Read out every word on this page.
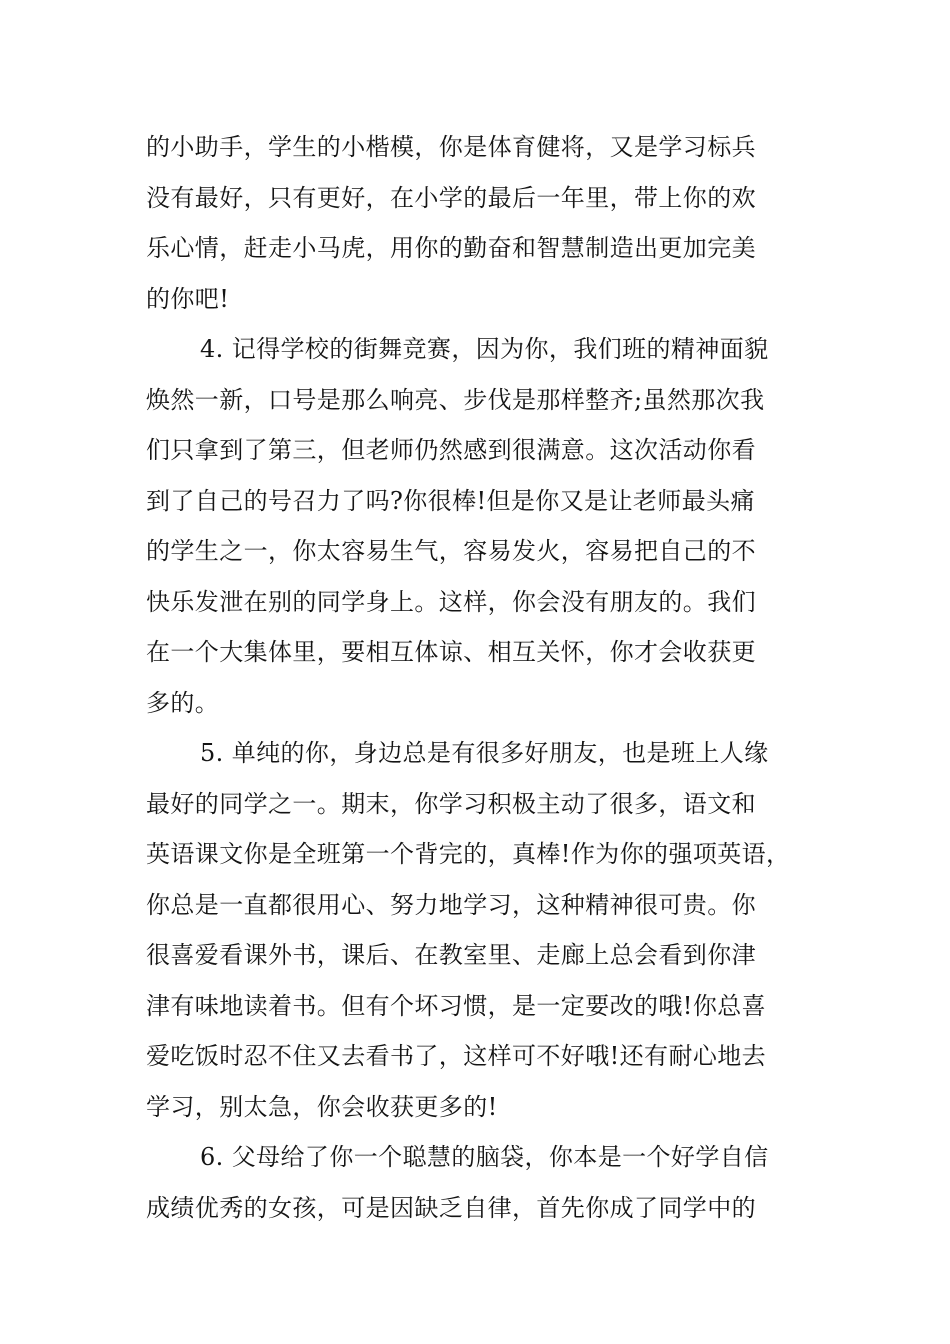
的小助手，学生的小楷模，你是体育健将，又是学习标兵
没有最好，只有更好，在小学的最后一年里，带上你的欢
乐心情，赶走小马虎，用你的勤奋和智慧制造出更加完美
的你吧!
4. 记得学校的街舞竞赛，因为你，我们班的精神面貌
焕然一新，口号是那么响亮、步伐是那样整齐;虽然那次我
们只拿到了第三，但老师仍然感到很满意。这次活动你看
到了自己的号召力了吗?你很棒!但是你又是让老师最头痛
的学生之一，你太容易生气，容易发火，容易把自己的不
快乐发泄在别的同学身上。这样，你会没有朋友的。我们
在一个大集体里，要相互体谅、相互关怀，你才会收获更
多的。
5. 单纯的你，身边总是有很多好朋友，也是班上人缘
最好的同学之一。期末，你学习积极主动了很多，语文和
英语课文你是全班第一个背完的，真棒!作为你的强项英语，
你总是一直都很用心、努力地学习，这种精神很可贵。你
很喜爱看课外书，课后、在教室里、走廊上总会看到你津
津有味地读着书。但有个坏习惯，是一定要改的哦!你总喜
爱吃饭时忍不住又去看书了，这样可不好哦!还有耐心地去
学习，别太急，你会收获更多的!
6. 父母给了你一个聪慧的脑袋，你本是一个好学自信
成绩优秀的女孩，可是因缺乏自律，首先你成了同学中的
